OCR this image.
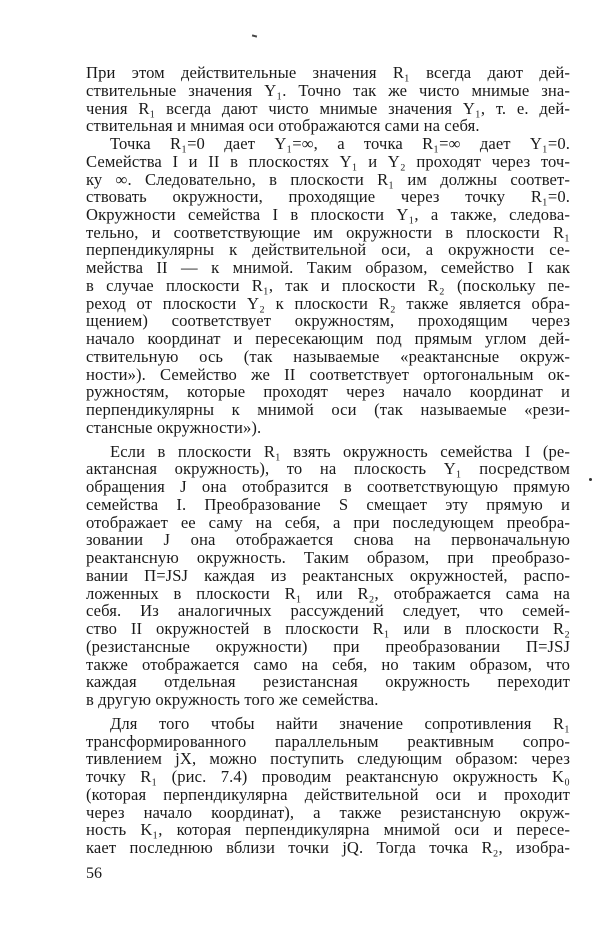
При этом действительные значения R₁ всегда дают дей-
ствительные значения Y₁. Точно так же чисто мнимые зна-
чения R₁ всегда дают чисто мнимые значения Y₁, т. е. дей-
ствительная и мнимая оси отображаются сами на себя.
Точка R₁=0 дает Y₁=∞, а точка R₁=∞ дает Y₁=0.
Семейства I и II в плоскостях Y₁ и Y₂ проходят через точ-
ку ∞. Следовательно, в плоскости R₁ им должны соответ-
ствовать окружности, проходящие через точку R₁=0.
Окружности семейства I в плоскости Y₁, а также, следова-
тельно, и соответствующие им окружности в плоскости R₁
перпендикулярны к действительной оси, а окружности се-
мейства II — к мнимой. Таким образом, семейство I как
в случае плоскости R₁, так и плоскости R₂ (поскольку пе-
реход от плоскости Y₂ к плоскости R₂ также является обра-
щением) соответствует окружностям, проходящим через
начало координат и пересекающим под прямым углом дей-
ствительную ось (так называемые «реактансные окруж-
ности»). Семейство же II соответствует ортогональным ок-
ружностям, которые проходят через начало координат и
перпендикулярны к мнимой оси (так называемые «рези-
стансные окружности»).
Если в плоскости R₁ взять окружность семейства I (ре-
актансная окружность), то на плоскость Y₁ посредством
обращения J она отобразится в соответствующую прямую
семейства I. Преобразование S смещает эту прямую и
отображает ее саму на себя, а при последующем преобра-
зовании J она отображается снова на первоначальную
реактансную окружность. Таким образом, при преобразо-
вании П=JSJ каждая из реактансных окружностей, распо-
ложенных в плоскости R₁ или R₂, отображается сама на
себя. Из аналогичных рассуждений следует, что семей-
ство II окружностей в плоскости R₁ или в плоскости R₂
(резистансные окружности) при преобразовании П=JSJ
также отображается само на себя, но таким образом, что
каждая отдельная резистансная окружность переходит
в другую окружность того же семейства.
Для того чтобы найти значение сопротивления R₁
трансформированного параллельным реактивным сопро-
тивлением jX, можно поступить следующим образом: через
точку R₁ (рис. 7.4) проводим реактансную окружность K₀
(которая перпендикулярна действительной оси и проходит
через начало координат), а также резистансную окруж-
ность K₁, которая перпендикулярна мнимой оси и пересе-
кает последнюю вблизи точки jQ. Тогда точка R₂, изобра-
56
